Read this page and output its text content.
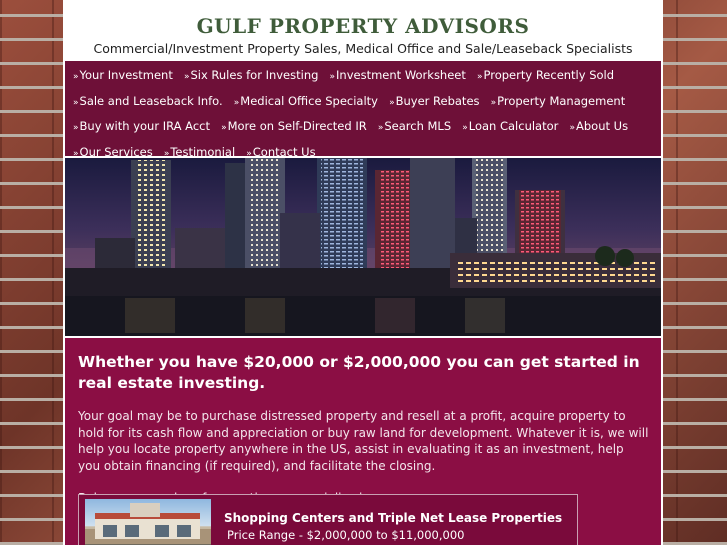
GULF PROPERTY ADVISORS
Commercial/Investment Property Sales, Medical Office and Sale/Leaseback Specialists
» Your Investment » Six Rules for Investing » Investment Worksheet » Property Recently Sold
» Sale and Leaseback Info. » Medical Office Specialty » Buyer Rebates » Property Management
» Buy with your IRA Acct » More on Self-Directed IR » Search MLS » Loan Calculator » About Us
» Our Services » Testimonial » Contact Us
Whether you have $20,000 or $2,000,000 you can get started in real estate investing.
Your goal may be to purchase distressed property and resell at a profit, acquire property to hold for its cash flow and appreciation or buy raw land for development. Whatever it is, we will help you locate property anywhere in the US, assist in evaluating it as an investment, help you obtain financing (if required), and facilitate the closing.
Shopping Centers and Triple Net Lease Properties
Price Range - $2,000,000 to $11,000,000
